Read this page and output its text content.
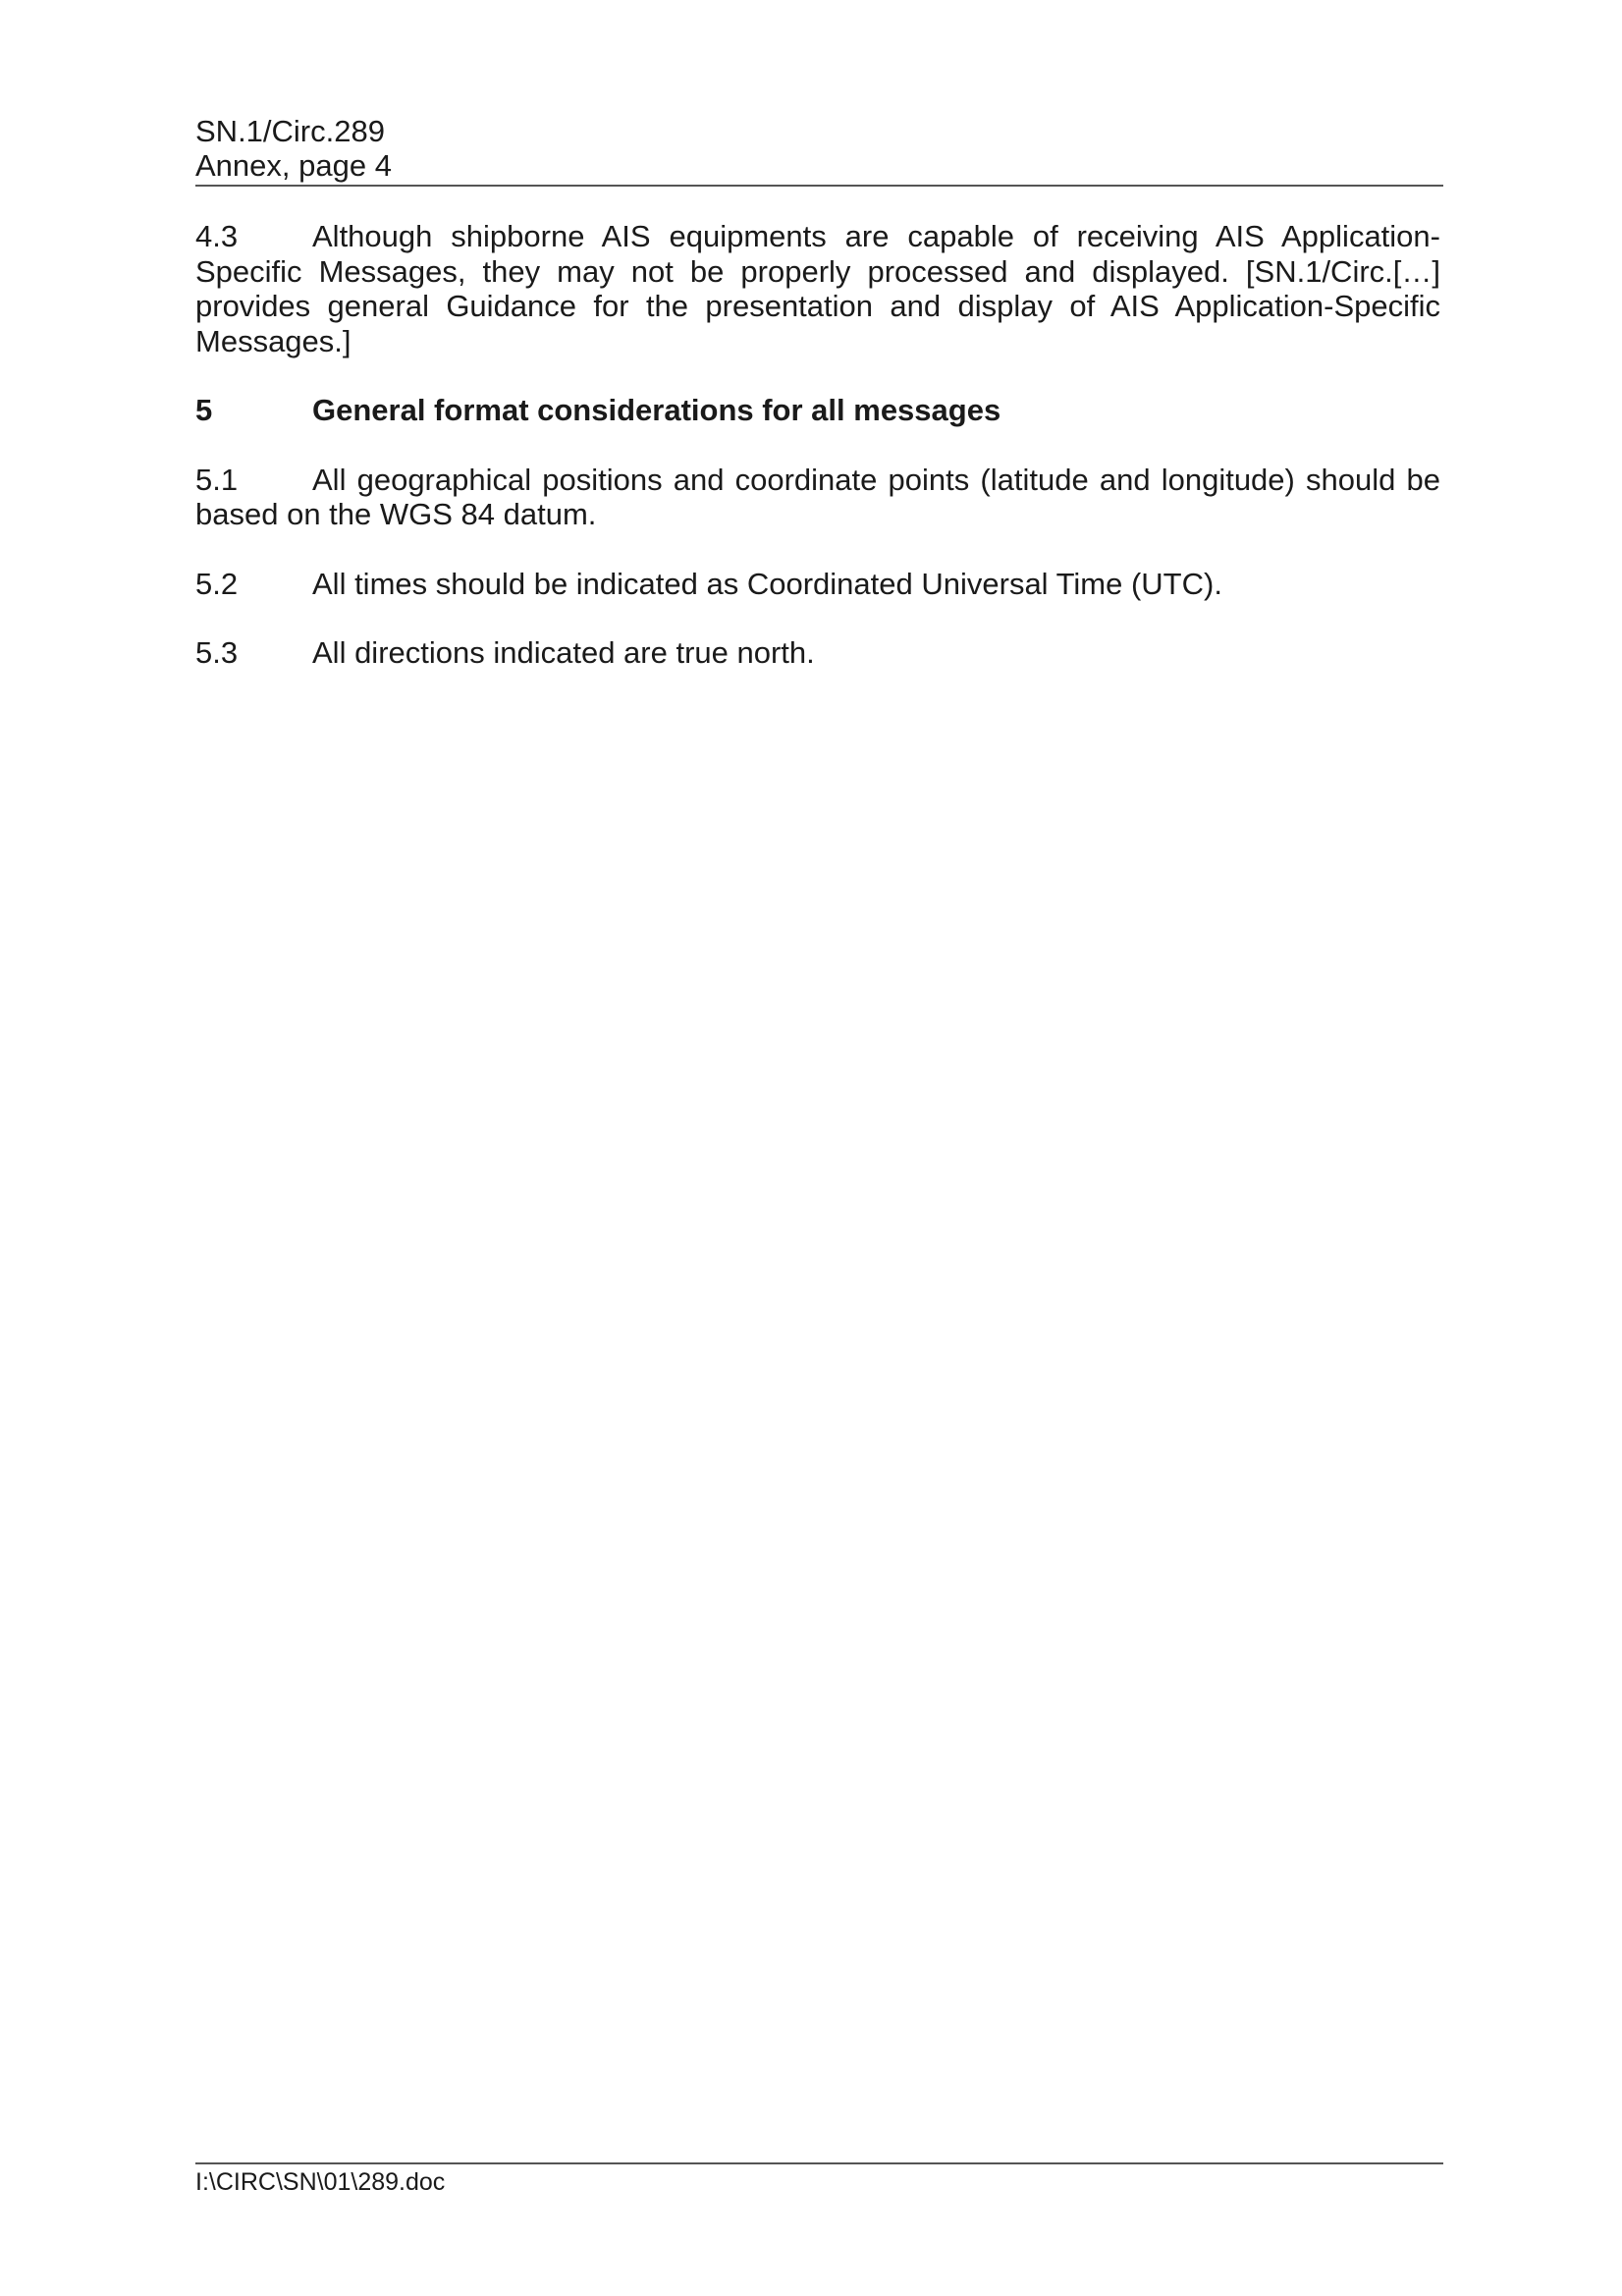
SN.1/Circ.289
Annex, page 4

4.3 Although shipborne AIS equipments are capable of receiving AIS Application-Specific Messages, they may not be properly processed and displayed. [SN.1/Circ.[…] provides general Guidance for the presentation and display of AIS Application-Specific Messages.]

5	General format considerations for all messages

5.1 All geographical positions and coordinate points (latitude and longitude) should be based on the WGS 84 datum.

5.2 All times should be indicated as Coordinated Universal Time (UTC).

5.3 All directions indicated are true north.

I:\CIRC\SN\01\289.doc
